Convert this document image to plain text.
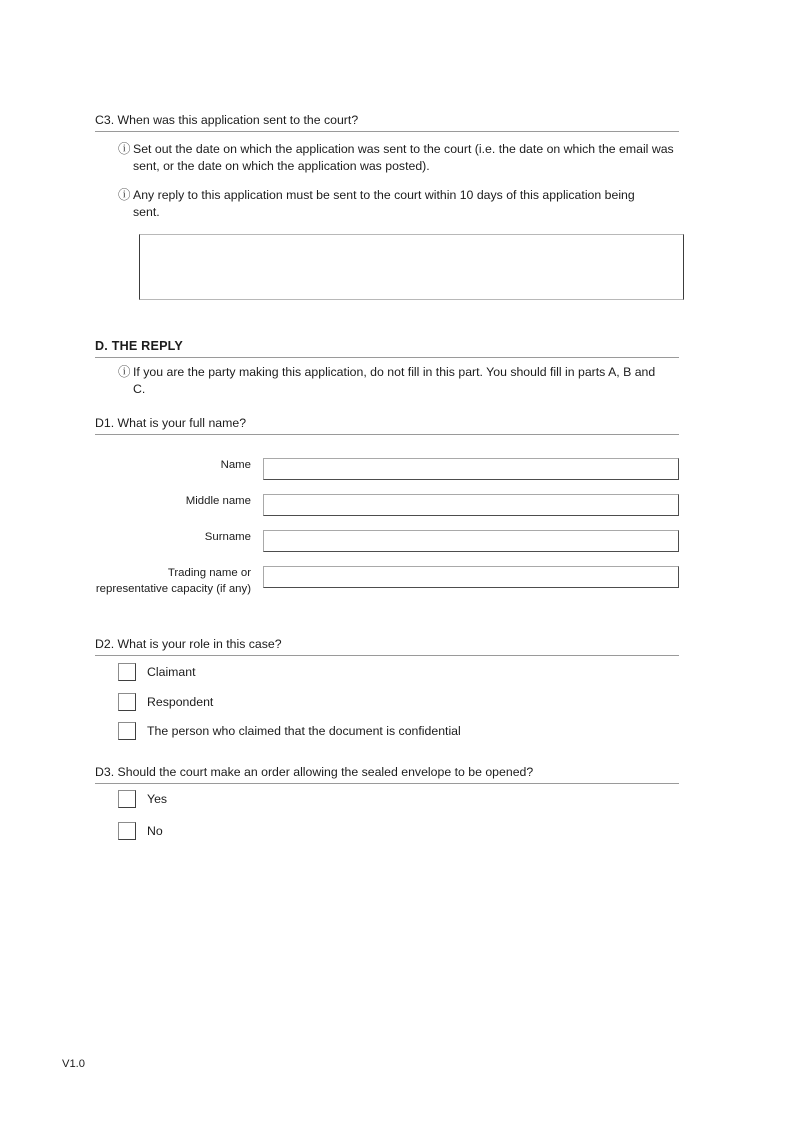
C3. When was this application sent to the court?
ⓘ Set out the date on which the application was sent to the court (i.e. the date on which the email was sent, or the date on which the application was posted).
ⓘ Any reply to this application must be sent to the court within 10 days of this application being sent.
D. THE REPLY
ⓘ If you are the party making this application, do not fill in this part. You should fill in parts A, B and C.
D1. What is your full name?
Name
Middle name
Surname
Trading name or representative capacity (if any)
D2. What is your role in this case?
Claimant
Respondent
The person who claimed that the document is confidential
D3. Should the court make an order allowing the sealed envelope to be opened?
Yes
No
V1.0
